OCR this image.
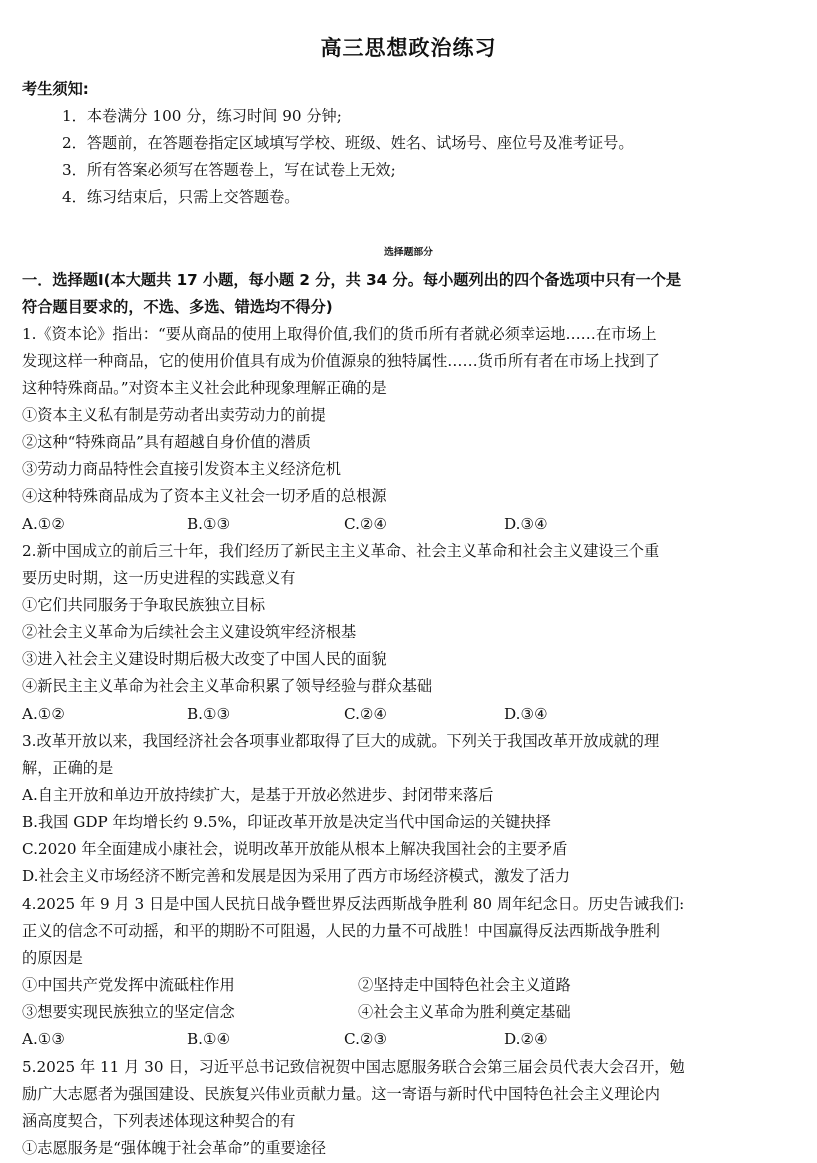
高三思想政治练习
考生须知:
1．本卷满分 100 分，练习时间 90 分钟;
2．答题前，在答题卷指定区域填写学校、班级、姓名、试场号、座位号及准考证号。
3．所有答案必须写在答题卷上，写在试卷上无效;
4．练习结束后，只需上交答题卷。
选择题部分
一．选择题Ⅰ(本大题共 17 小题，每小题 2 分，共 34 分。每小题列出的四个备选项中只有一个是
符合题目要求的，不选、多选、错选均不得分)
1.《资本论》指出：“要从商品的使用上取得价值,我们的货币所有者就必须幸运地……在市场上
发现这样一种商品，它的使用价值具有成为价值源泉的独特属性……货币所有者在市场上找到了
这种特殊商品。”对资本主义社会此种现象理解正确的是
①资本主义私有制是劳动者出卖劳动力的前提
②这种“特殊商品”具有超越自身价值的潜质
③劳动力商品特性会直接引发资本主义经济危机
④这种特殊商品成为了资本主义社会一切矛盾的总根源
A.①②	B.①③	C.②④	D.③④
2.新中国成立的前后三十年，我们经历了新民主主义革命、社会主义革命和社会主义建设三个重
要历史时期，这一历史进程的实践意义有
①它们共同服务于争取民族独立目标
②社会主义革命为后续社会主义建设筑牢经济根基
③进入社会主义建设时期后极大改变了中国人民的面貌
④新民主主义革命为社会主义革命积累了领导经验与群众基础
A.①②	B.①③	C.②④	D.③④
3.改革开放以来，我国经济社会各项事业都取得了巨大的成就。下列关于我国改革开放成就的理
解，正确的是
A.自主开放和单边开放持续扩大，是基于开放必然进步、封闭带来落后
B.我国 GDP 年均增长约 9.5%，印证改革开放是决定当代中国命运的关键抉择
C.2020 年全面建成小康社会，说明改革开放能从根本上解决我国社会的主要矛盾
D.社会主义市场经济不断完善和发展是因为采用了西方市场经济模式，激发了活力
4.2025 年 9 月 3 日是中国人民抗日战争暨世界反法西斯战争胜利 80 周年纪念日。历史告诫我们:
正义的信念不可动摇，和平的期盼不可阻遏，人民的力量不可战胜！中国赢得反法西斯战争胜利
的原因是
①中国共产党发挥中流砥柱作用	②坚持走中国特色社会主义道路
③想要实现民族独立的坚定信念	④社会主义革命为胜利奠定基础
A.①③	B.①④	C.②③	D.②④
5.2025 年 11 月 30 日，习近平总书记致信祝贺中国志愿服务联合会第三届会员代表大会召开，勉
励广大志愿者为强国建设、民族复兴伟业贡献力量。这一寄语与新时代中国特色社会主义理论内
涵高度契合，下列表述体现这种契合的有
①志愿服务是“强体魄于社会革命”的重要途径
